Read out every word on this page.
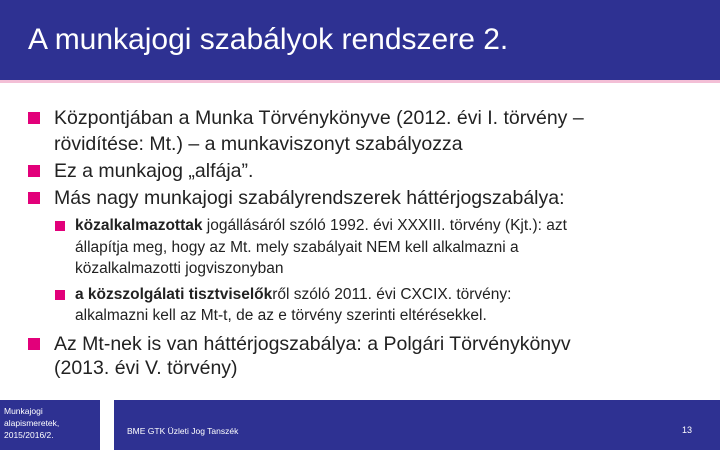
A munkajogi szabályok rendszere 2.
Központjában a Munka Törvénykönyve (2012. évi I. törvény –
rövidítése: Mt.) – a munkaviszonyt szabályozza
Ez a munkajog „alfája”.
Más nagy munkajogi szabályrendszerek háttérjogszabálya:
közalkalmazottak jogállásáról szóló 1992. évi XXXIII. törvény (Kjt.): azt
állapítja meg, hogy az Mt. mely szabályait NEM kell alkalmazni a
közalkalmazotti jogviszonyban
a közszolgálati tisztviselőkről szóló 2011. évi CXCIX. törvény:
alkalmazni kell az Mt-t, de az e törvény szerinti eltérésekkel.
Az Mt-nek is van háttérjogszabálya: a Polgári Törvénykönyv
(2013. évi V. törvény)
Munkajogi
alapismeretek,
2015/2016/2.	BME GTK Üzleti Jog Tanszék	13
